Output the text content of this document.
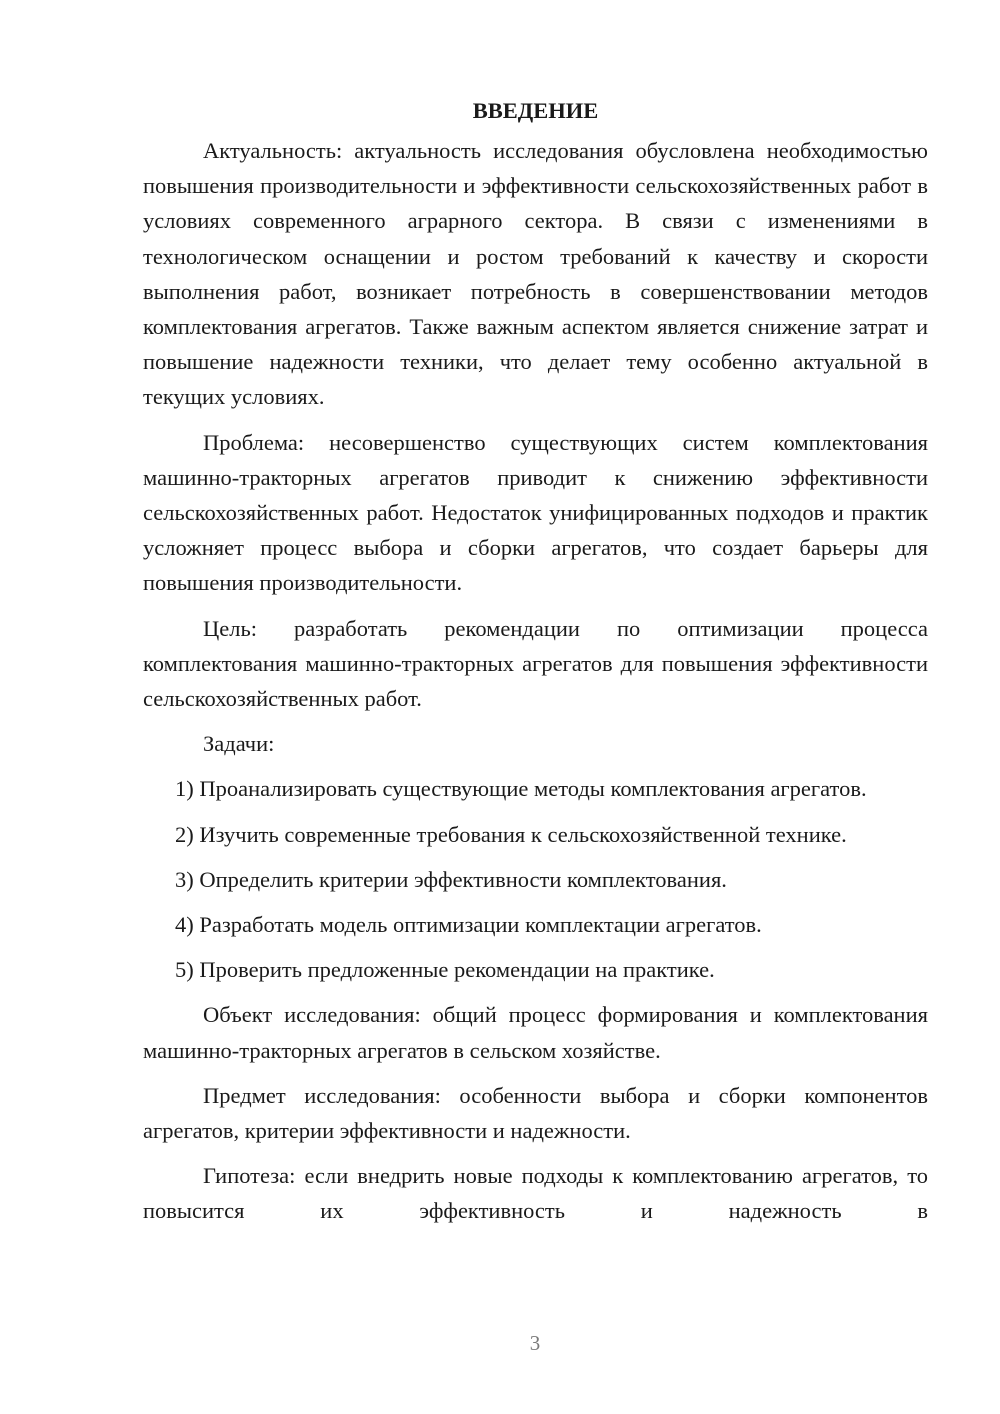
ВВЕДЕНИЕ

Актуальность: актуальность исследования обусловлена необходимостью повышения производительности и эффективности сельскохозяйственных работ в условиях современного аграрного сектора. В связи с изменениями в технологическом оснащении и ростом требований к качеству и скорости выполнения работ, возникает потребность в совершенствовании методов комплектования агрегатов. Также важным аспектом является снижение затрат и повышение надежности техники, что делает тему особенно актуальной в текущих условиях.

Проблема: несовершенство существующих систем комплектования машинно-тракторных агрегатов приводит к снижению эффективности сельскохозяйственных работ. Недостаток унифицированных подходов и практик усложняет процесс выбора и сборки агрегатов, что создает барьеры для повышения производительности.

Цель: разработать рекомендации по оптимизации процесса комплектования машинно-тракторных агрегатов для повышения эффективности сельскохозяйственных работ.

Задачи:

1) Проанализировать существующие методы комплектования агрегатов.

2) Изучить современные требования к сельскохозяйственной технике.

3) Определить критерии эффективности комплектования.

4) Разработать модель оптимизации комплектации агрегатов.

5) Проверить предложенные рекомендации на практике.

Объект исследования: общий процесс формирования и комплектования машинно-тракторных агрегатов в сельском хозяйстве.

Предмет исследования: особенности выбора и сборки компонентов агрегатов, критерии эффективности и надежности.

Гипотеза: если внедрить новые подходы к комплектованию агрегатов, то повысится их эффективность и надежность в

3
